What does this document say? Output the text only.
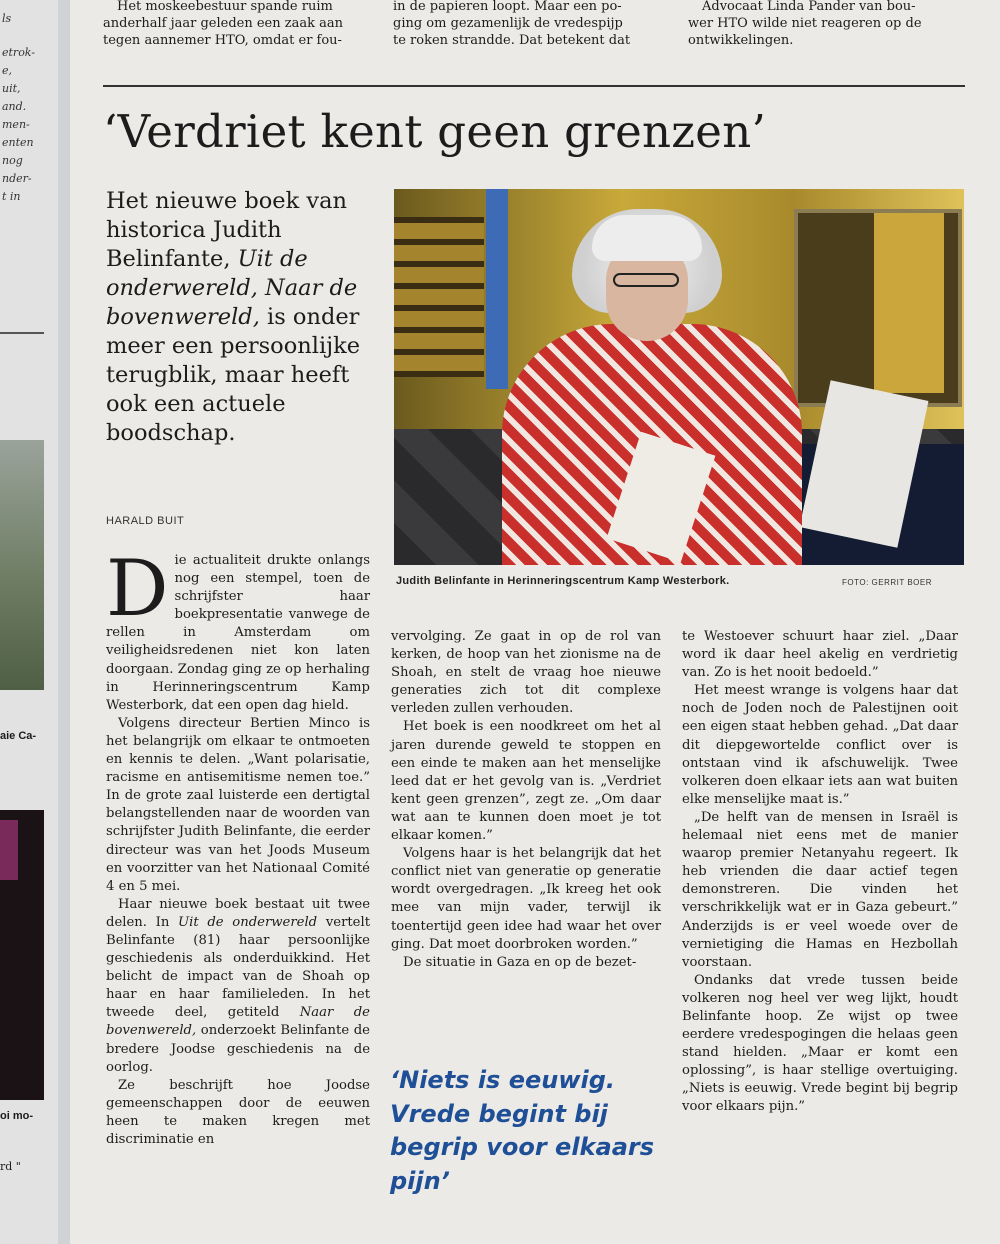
ls
etrok-
e,
uit,
and.
men-
enten
nog
nder-
t in
aie Ca-
oi mo-
rd "
Het moskeebestuur spande ruim
anderhalf jaar geleden een zaak aan
tegen aannemer HTO, omdat er fou-
in de papieren loopt. Maar een po-
ging om gezamenlijk de vredespijp
te roken strandde. Dat betekent dat
Advocaat Linda Pander van bou-
wer HTO wilde niet reageren op de
ontwikkelingen.
‘Verdriet kent geen grenzen’
Het nieuwe boek van historica Judith Belinfante, Uit de onderwereld, Naar de bovenwereld, is onder meer een persoonlijke terugblik, maar heeft ook een actuele boodschap.
HARALD BUIT
Judith Belinfante in Herinneringscentrum Kamp Westerbork.	FOTO: GERRIT BOER

Die actualiteit drukte onlangs nog een stempel, toen de schrijfster haar boekpresentatie vanwege de rellen in Amsterdam om veiligheidsredenen niet kon laten doorgaan. Zondag ging ze op herhaling in Herinneringscentrum Kamp Westerbork, dat een open dag hield.

Volgens directeur Bertien Minco is het belangrijk om elkaar te ontmoeten en kennis te delen. „Want polarisatie, racisme en antisemitisme nemen toe.” In de grote zaal luisterde een dertigtal belangstellenden naar de woorden van schrijfster Judith Belinfante, die eerder directeur was van het Joods Museum en voorzitter van het Nationaal Comité 4 en 5 mei.

Haar nieuwe boek bestaat uit twee delen. In Uit de onderwereld vertelt Belinfante (81) haar persoonlijke geschiedenis als onderduikkind. Het belicht de impact van de Shoah op haar en haar familieleden. In het tweede deel, getiteld Naar de bovenwereld, onderzoekt Belinfante de bredere Joodse geschiedenis na de oorlog.

Ze beschrijft hoe Joodse gemeenschappen door de eeuwen heen te maken kregen met discriminatie en

vervolging. Ze gaat in op de rol van kerken, de hoop van het zionisme na de Shoah, en stelt de vraag hoe nieuwe generaties zich tot dit complexe verleden zullen verhouden.

Het boek is een noodkreet om het al jaren durende geweld te stoppen en een einde te maken aan het menselijke leed dat er het gevolg van is. „Verdriet kent geen grenzen”, zegt ze. „Om daar wat aan te kunnen doen moet je tot elkaar komen.”

Volgens haar is het belangrijk dat het conflict niet van generatie op generatie wordt overgedragen. „Ik kreeg het ook mee van mijn vader, terwijl ik toentertijd geen idee had waar het over ging. Dat moet doorbroken worden.”

De situatie in Gaza en op de bezet-

‘Niets is eeuwig. Vrede begint bij begrip voor elkaars pijn’

te Westoever schuurt haar ziel. „Daar word ik daar heel akelig en verdrietig van. Zo is het nooit bedoeld.”

Het meest wrange is volgens haar dat noch de Joden noch de Palestijnen ooit een eigen staat hebben gehad. „Dat daar dit diepgewortelde conflict over is ontstaan vind ik afschuwelijk. Twee volkeren doen elkaar iets aan wat buiten elke menselijke maat is.”

„De helft van de mensen in Israël is helemaal niet eens met de manier waarop premier Netanyahu regeert. Ik heb vrienden die daar actief tegen demonstreren. Die vinden het verschrikkelijk wat er in Gaza gebeurt.” Anderzijds is er veel woede over de vernietiging die Hamas en Hezbollah voorstaan.

Ondanks dat vrede tussen beide volkeren nog heel ver weg lijkt, houdt Belinfante hoop. Ze wijst op twee eerdere vredespogingen die helaas geen stand hielden. „Maar er komt een oplossing”, is haar stellige overtuiging. „Niets is eeuwig. Vrede begint bij begrip voor elkaars pijn.”
